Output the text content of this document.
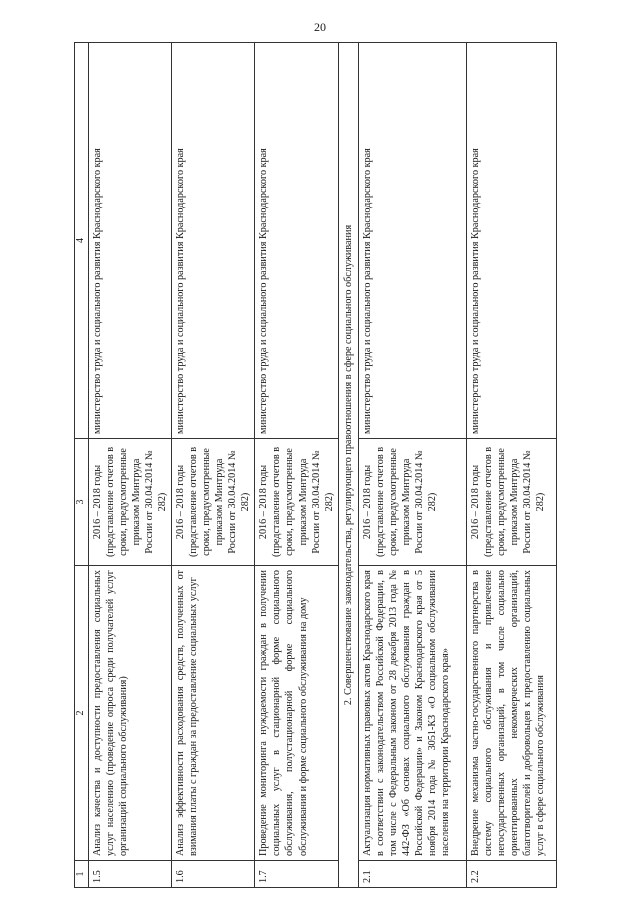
20
1	2	3	4
1.5	Анализ качества и доступности предоставления социальных услуг населению (проведение опроса среди получателей услуг организаций социального обслуживания)	2016 – 2018 годы (представление отчетов в сроки, предусмотренные приказом Минтруда России от 30.04.2014 № 282)	министерство труда и социального развития Краснодарского края
1.6	Анализ эффективности расходования средств, полученных от взимания платы с граждан за предоставление социальных услуг	2016 – 2018 годы (представление отчетов в сроки, предусмотренные приказом Минтруда России от 30.04.2014 № 282)	министерство труда и социального развития Краснодарского края
1.7	Проведение мониторинга нуждаемости граждан в получении социальных услуг в стационарной форме социального обслуживания, полустационарной форме социального обслуживания и форме социального обслуживания на дому	2016 – 2018 годы (представление отчетов в сроки, предусмотренные приказом Минтруда России от 30.04.2014 № 282)	министерство труда и социального развития Краснодарского края
2. Совершенствование законодательства, регулирующего правоотношения в сфере социального обслуживания			
2.1	Актуализация нормативных правовых актов Краснодарского края в соответствии с законодательством Российской Федерации, в том числе с Федеральным законом от 28 декабря 2013 года № 442-ФЗ «Об основах социального обслуживания граждан в Российской Федерации» и Законом Краснодарского края от 5 ноября 2014 года № 3051-КЗ «О социальном обслуживании населения на территории Краснодарского края»	2016 – 2018 годы (представление отчетов в сроки, предусмотренные приказом Минтруда России от 30.04.2014 № 282)	министерство труда и социального развития Краснодарского края
2.2	Внедрение механизма частно-государственного партнерства в систему социального обслуживания и привлечение негосударственных организаций, в том числе социально ориентированных некоммерческих организаций, благотворителей и добровольцев к предоставлению социальных услуг в сфере социального обслуживания	2016 – 2018 годы (представление отчетов в сроки, предусмотренные приказом Минтруда России от 30.04.2014 № 282)	министерство труда и социального развития Краснодарского края
